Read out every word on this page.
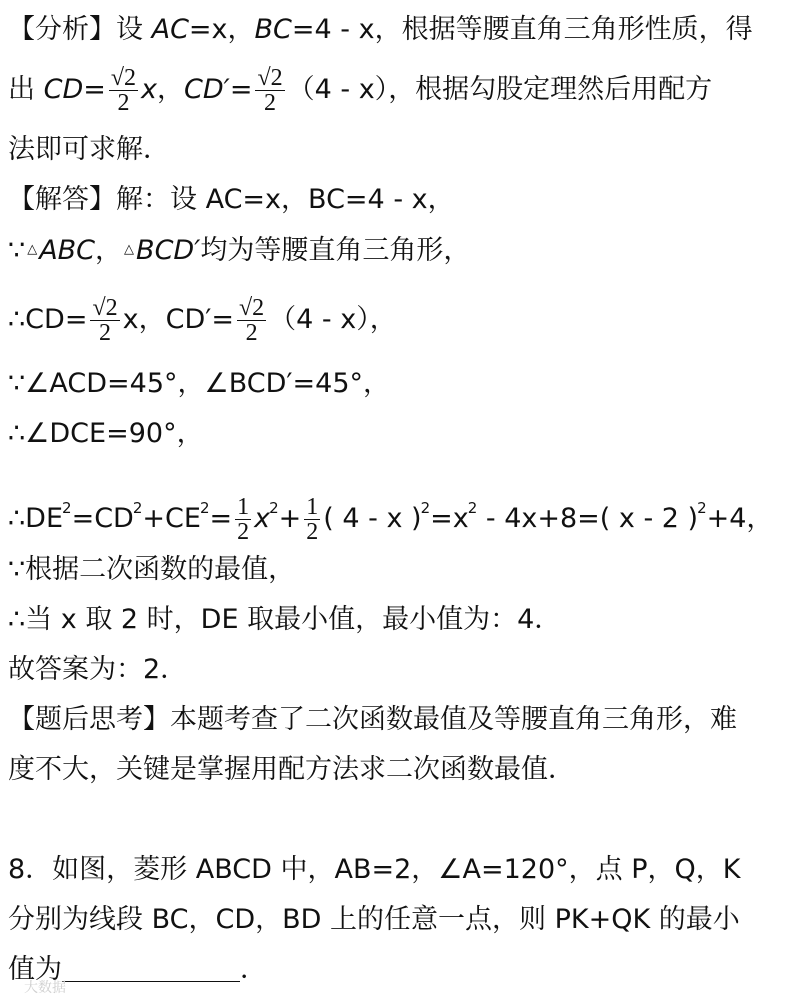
【分析】设 AC=x，BC=4 - x，根据等腰直角三角形性质，得
出 $CD= \frac{√2}{2}$ x，$CD'= \frac{√2}{2} (4 - x)$，根据勾股定理然后用配方
法即可求解．
【解答】解：设 AC=x，BC=4 - x，
∵ △ABC， △BCD′均为等腰直角三角形，
∴CD= $\frac{√2}{2}$ x，$CD'= \frac{√2}{2} (4 - x)$，
∵∠ACD=45°，∠BCD′=45°，
∴∠DCE=90°，
$\therefore DE^2=CD^2+CE^2= \frac{1}{2} x^2+ \frac{1}{2}$ ( 4 - x )$^2=x^2 - 4x+8=$( x - 2 )$^2$+4，
∵根据二次函数的最值，
∴当 x 取 2 时，DE 取最小值，最小值为：4．
故答案为：2．
【题后思考】本题考查了二次函数最值及等腰直角三角形，难
度不大，关键是掌握用配方法求二次函数最值．
8．如图，菱形 ABCD 中，AB=2，∠A=120°，点 P，Q，K
分别为线段 BC，CD，BD 上的任意一点，则 PK+QK 的最小
值为	．
大数据
